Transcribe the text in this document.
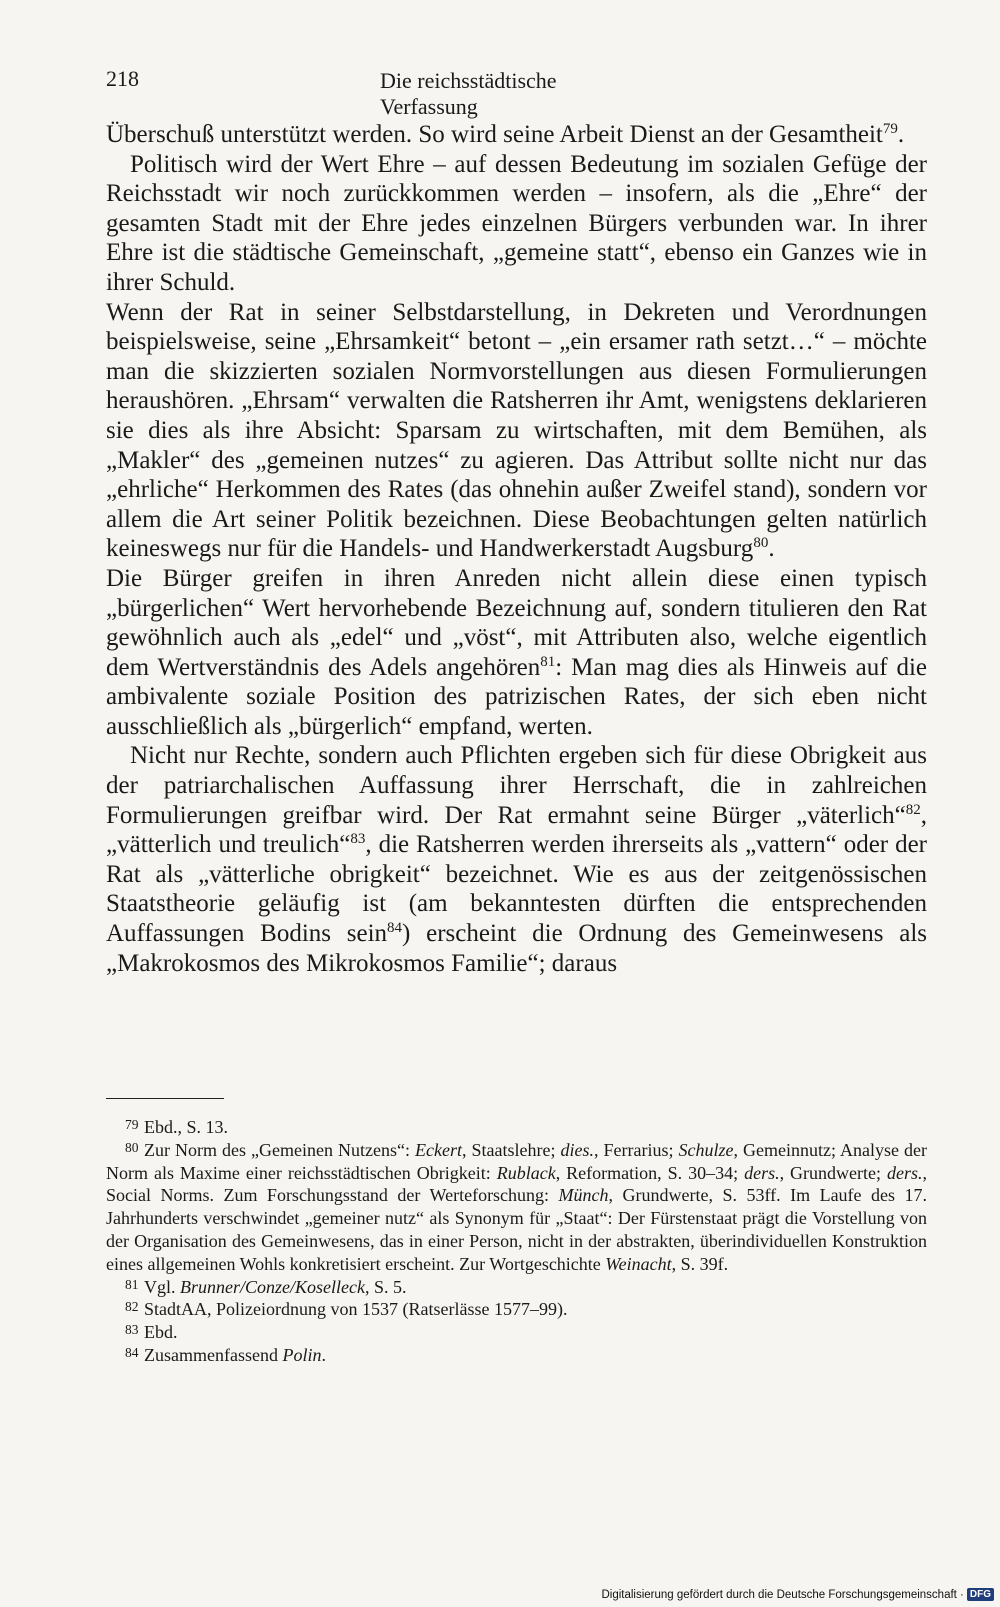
218	Die reichsstädtische Verfassung

Überschuß unterstützt werden. So wird seine Arbeit Dienst an der Gesamtheit$^{79}$.

Politisch wird der Wert Ehre – auf dessen Bedeutung im sozialen Gefüge der Reichsstadt wir noch zurückkommen werden – insofern, als die „Ehre“ der gesamten Stadt mit der Ehre jedes einzelnen Bürgers verbunden war. In ihrer Ehre ist die städtische Gemeinschaft, „gemeine statt“, ebenso ein Ganzes wie in ihrer Schuld.

Wenn der Rat in seiner Selbstdarstellung, in Dekreten und Verordnungen beispielsweise, seine „Ehrsamkeit“ betont – „ein ersamer rath setzt…“ – möchte man die skizzierten sozialen Normvorstellungen aus diesen Formulierungen heraushören. „Ehrsam“ verwalten die Ratsherren ihr Amt, wenigstens deklarieren sie dies als ihre Absicht: Sparsam zu wirtschaften, mit dem Bemühen, als „Makler“ des „gemeinen nutzes“ zu agieren. Das Attribut sollte nicht nur das „ehrliche“ Herkommen des Rates (das ohnehin außer Zweifel stand), sondern vor allem die Art seiner Politik bezeichnen. Diese Beobachtungen gelten natürlich keineswegs nur für die Handels- und Handwerkerstadt Augsburg$^{80}$.

Die Bürger greifen in ihren Anreden nicht allein diese einen typisch „bürgerlichen“ Wert hervorhebende Bezeichnung auf, sondern titulieren den Rat gewöhnlich auch als „edel“ und „vöst“, mit Attributen also, welche eigentlich dem Wertverständnis des Adels angehören$^{81}$: Man mag dies als Hinweis auf die ambivalente soziale Position des patrizischen Rates, der sich eben nicht ausschließlich als „bürgerlich“ empfand, werten.

Nicht nur Rechte, sondern auch Pflichten ergeben sich für diese Obrigkeit aus der patriarchalischen Auffassung ihrer Herrschaft, die in zahlreichen Formulierungen greifbar wird. Der Rat ermahnt seine Bürger „väterlich“$^{82}$, „vätterlich und treulich“$^{83}$, die Ratsherren werden ihrerseits als „vattern“ oder der Rat als „vätterliche obrigkeit“ bezeichnet. Wie es aus der zeitgenössischen Staatstheorie geläufig ist (am bekanntesten dürften die entsprechenden Auffassungen Bodins sein$^{84}$) erscheint die Ordnung des Gemeinwesens als „Makrokosmos des Mikrokosmos Familie“; daraus

79 Ebd., S. 13.

80 Zur Norm des „Gemeinen Nutzens“: Eckert, Staatslehre; dies., Ferrarius; Schulze, Gemeinnutz; Analyse der Norm als Maxime einer reichsstädtischen Obrigkeit: Rublack, Reformation, S. 30–34; ders., Grundwerte; ders., Social Norms. Zum Forschungsstand der Werteforschung: Münch, Grundwerte, S. 53ff. Im Laufe des 17. Jahrhunderts verschwindet „gemeiner nutz“ als Synonym für „Staat“: Der Fürstenstaat prägt die Vorstellung von der Organisation des Gemeinwesens, das in einer Person, nicht in der abstrakten, überindividuellen Konstruktion eines allgemeinen Wohls konkretisiert erscheint. Zur Wortgeschichte Weinacht, S. 39f.

81 Vgl. Brunner/Conze/Koselleck, S. 5.

82 StadtAA, Polizeiordnung von 1537 (Ratserlässe 1577–99).

83 Ebd.

84 Zusammenfassend Polin.

Digitalisierung gefördert durch die Deutsche Forschungsgemeinschaft · DFG
